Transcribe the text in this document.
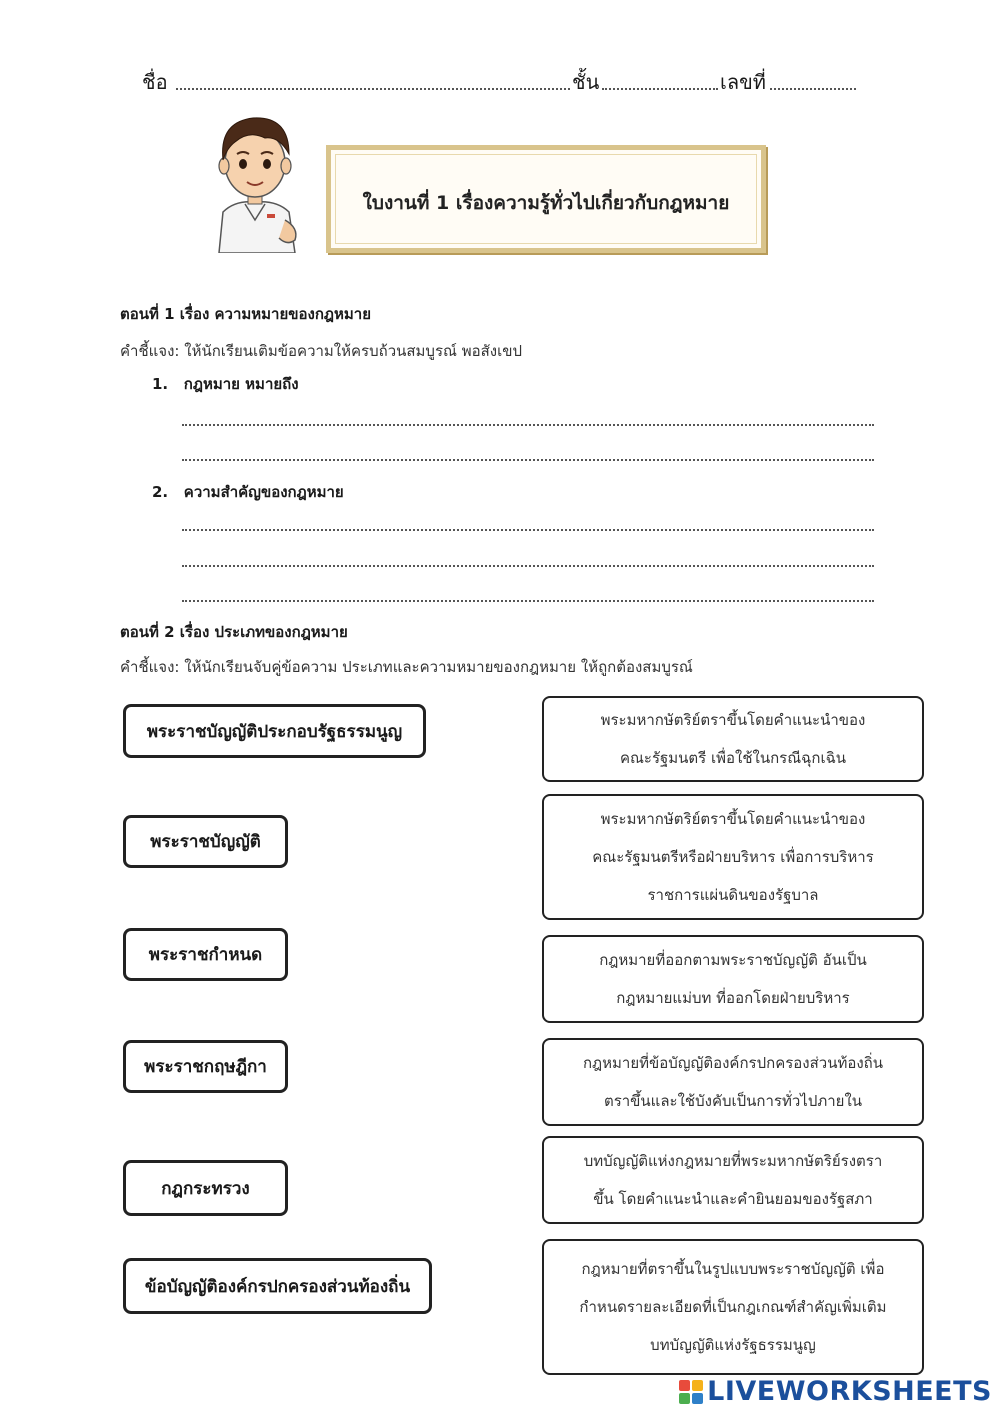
ชื่อ	ชั้น	เลขที่
ใบงานที่ 1 เรื่องความรู้ทั่วไปเกี่ยวกับกฎหมาย
ตอนที่ 1 เรื่อง ความหมายของกฎหมาย
คำชี้แจง: ให้นักเรียนเติมข้อความให้ครบถ้วนสมบูรณ์ พอสังเขป
1.   กฎหมาย หมายถึง
2.   ความสำคัญของกฎหมาย
ตอนที่ 2 เรื่อง ประเภทของกฎหมาย
คำชี้แจง: ให้นักเรียนจับคู่ข้อความ ประเภทและความหมายของกฎหมาย ให้ถูกต้องสมบูรณ์
พระราชบัญญัติประกอบรัฐธรรมนูญ
พระราชบัญญัติ
พระราชกำหนด
พระราชกฤษฎีกา
กฎกระทรวง
ข้อบัญญัติองค์กรปกครองส่วนท้องถิ่น
พระมหากษัตริย์ตราขึ้นโดยคำแนะนำของ
คณะรัฐมนตรี เพื่อใช้ในกรณีฉุกเฉิน
พระมหากษัตริย์ตราขึ้นโดยคำแนะนำของ
คณะรัฐมนตรีหรือฝ่ายบริหาร เพื่อการบริหาร
ราชการแผ่นดินของรัฐบาล
กฎหมายที่ออกตามพระราชบัญญัติ อันเป็น
กฎหมายแม่บท ที่ออกโดยฝ่ายบริหาร
กฎหมายที่ข้อบัญญัติองค์กรปกครองส่วนท้องถิ่น
ตราขึ้นและใช้บังคับเป็นการทั่วไปภายใน
บทบัญญัติแห่งกฎหมายที่พระมหากษัตริย์รงตรา
ขึ้น โดยคำแนะนำและคำยินยอมของรัฐสภา
กฎหมายที่ตราขึ้นในรูปแบบพระราชบัญญัติ เพื่อ
กำหนดรายละเอียดที่เป็นกฎเกณฑ์สำคัญเพิ่มเติม
บทบัญญัติแห่งรัฐธรรมนูญ
LIVEWORKSHEETS
